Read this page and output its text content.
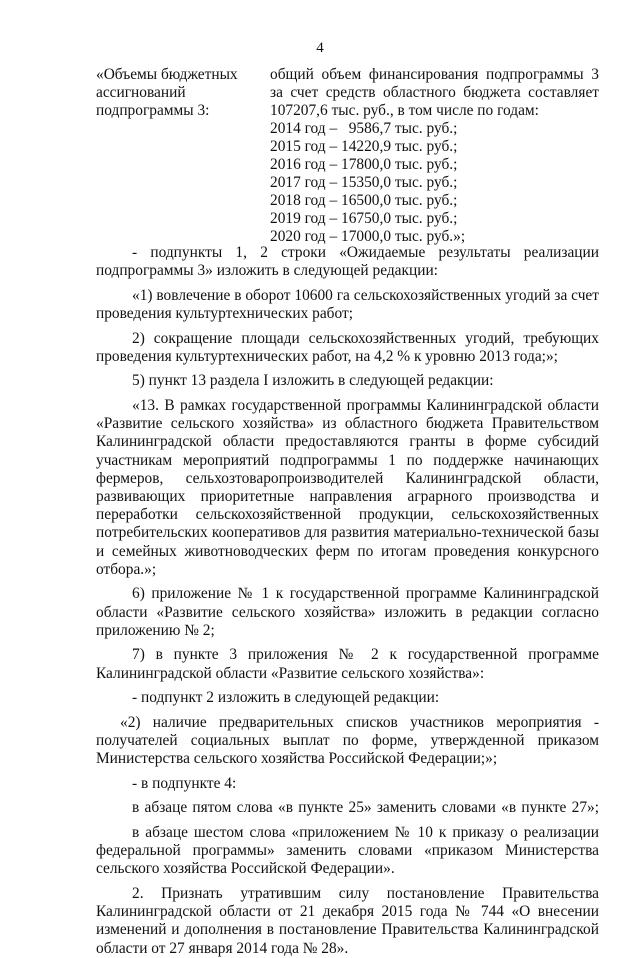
4
«Объемы бюджетных
ассигнований
подпрограммы 3:
общий объем финансирования подпрограммы 3
за счет средств областного бюджета составляет
107207,6 тыс. руб., в том числе по годам:
2014 год –   9586,7 тыс. руб.;
2015 год – 14220,9 тыс. руб.;
2016 год – 17800,0 тыс. руб.;
2017 год – 15350,0 тыс. руб.;
2018 год – 16500,0 тыс. руб.;
2019 год – 16750,0 тыс. руб.;
2020 год – 17000,0 тыс. руб.»;
- подпункты 1, 2 строки «Ожидаемые результаты реализации
подпрограммы 3» изложить в следующей редакции:
«1) вовлечение в оборот 10600 га сельскохозяйственных угодий за счет
проведения культуртехнических работ;
2) сокращение площади сельскохозяйственных угодий, требующих
проведения культуртехнических работ, на 4,2 % к уровню 2013 года;»;
5) пункт 13 раздела I изложить в следующей редакции:
«13. В рамках государственной программы Калининградской области
«Развитие сельского хозяйства» из областного бюджета Правительством
Калининградской области предоставляются гранты в форме субсидий
участникам мероприятий подпрограммы 1 по поддержке начинающих
фермеров, сельхозтоваропроизводителей Калининградской области,
развивающих приоритетные направления аграрного производства и
переработки сельскохозяйственной продукции, сельскохозяйственных
потребительских кооперативов для развития материально-технической базы
и семейных животноводческих ферм по итогам проведения конкурсного
отбора.»;
6) приложение № 1 к государственной программе Калининградской
области «Развитие сельского хозяйства» изложить в редакции согласно
приложению № 2;
7) в пункте 3 приложения № 2 к государственной программе
Калининградской области «Развитие сельского хозяйства»:
- подпункт 2 изложить в следующей редакции:
«2) наличие предварительных списков участников мероприятия -
получателей социальных выплат по форме, утвержденной приказом
Министерства сельского хозяйства Российской Федерации;»;
- в подпункте 4:
в абзаце пятом слова «в пункте 25» заменить словами «в пункте 27»;
в абзаце шестом слова «приложением № 10 к приказу о реализации
федеральной программы» заменить словами «приказом Министерства
сельского хозяйства Российской Федерации».
2. Признать утратившим силу постановление Правительства
Калининградской области от 21 декабря 2015 года № 744 «О внесении
изменений и дополнения в постановление Правительства Калининградской
области от 27 января 2014 года № 28».
